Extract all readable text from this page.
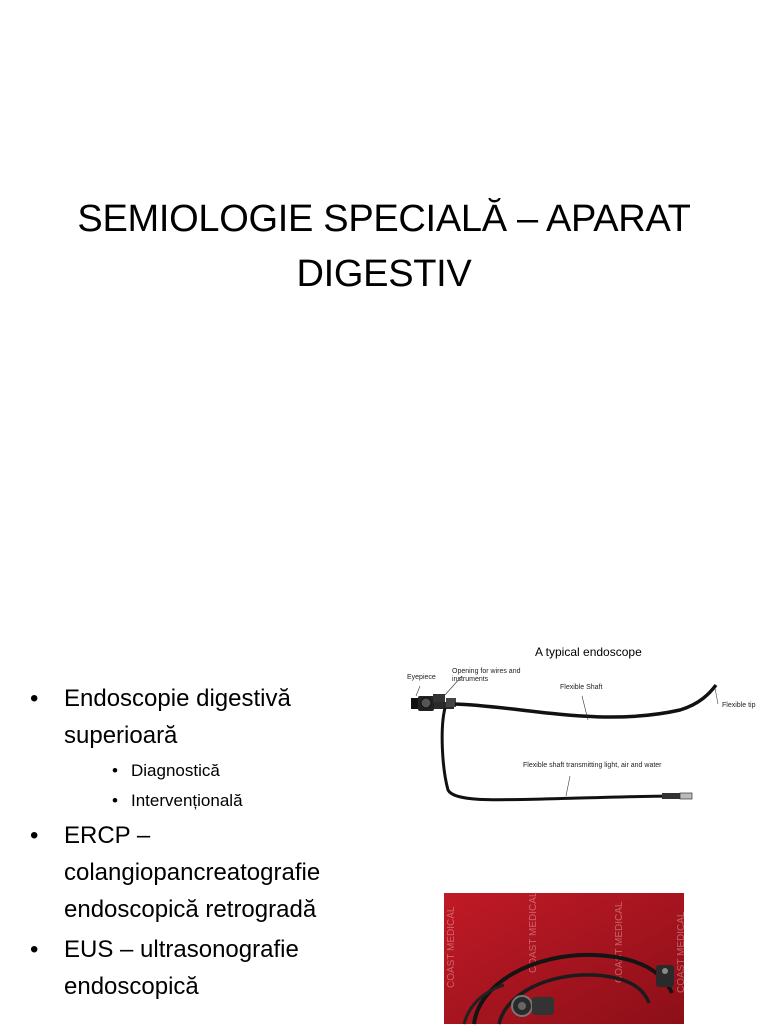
SEMIOLOGIE SPECIALĂ – APARAT
DIGESTIV
• Endoscopie digestivă
superioară
• Diagnostică
• Intervențională
• ERCP –
colangiopancreatografie
endoscopică retrogradă
• EUS – ultrasonografie
endoscopică
A typical endoscope
Eyepiece
Opening for wires and
instruments
Flexible Shaft
Flexible tip
Flexible shaft transmitting light, air and water
COAST MEDICAL	COAST MEDICAL	COAST MEDICAL	COAST MEDICAL
